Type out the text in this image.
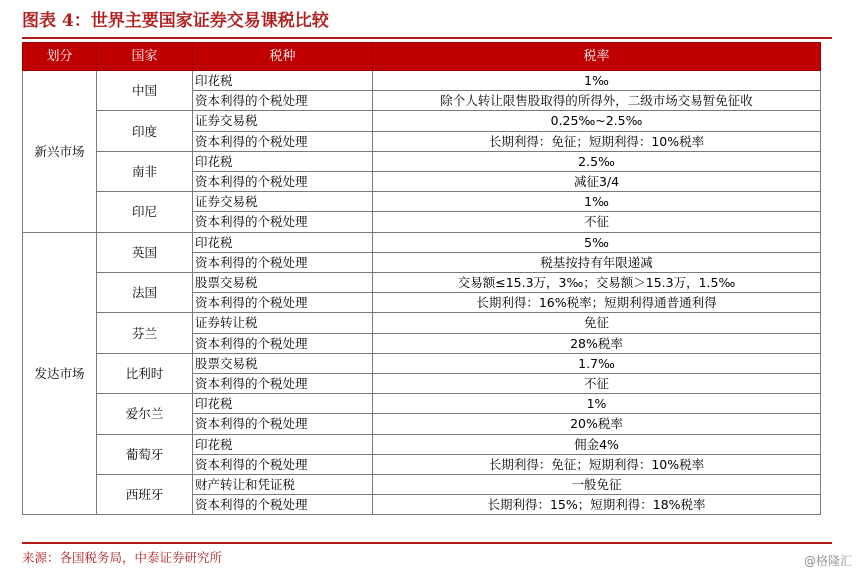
图表 4：世界主要国家证券交易课税比较
划分	国家	税种	税率
新兴市场	中国	印花税	1‰
		资本利得的个税处理	除个人转让限售股取得的所得外，二级市场交易暂免征收
	印度	证券交易税	0.25‰~2.5‰
		资本利得的个税处理	长期利得：免征；短期利得：10%税率
	南非	印花税	2.5‰
		资本利得的个税处理	减征3/4
	印尼	证券交易税	1‰
		资本利得的个税处理	不征
发达市场	英国	印花税	5‰
		资本利得的个税处理	税基按持有年限递减
	法国	股票交易税	交易额≤15.3万，3‰；交易额＞15.3万，1.5‰
		资本利得的个税处理	长期利得：16%税率；短期利得通普通利得
	芬兰	证券转让税	免征
		资本利得的个税处理	28%税率
	比利时	股票交易税	1.7‰
		资本利得的个税处理	不征
	爱尔兰	印花税	1%
		资本利得的个税处理	20%税率
	葡萄牙	印花税	佣金4%
		资本利得的个税处理	长期利得：免征；短期利得：10%税率
	西班牙	财产转让和凭证税	一般免征
		资本利得的个税处理	长期利得：15%；短期利得：18%税率
来源：各国税务局，中泰证券研究所	@格隆汇
